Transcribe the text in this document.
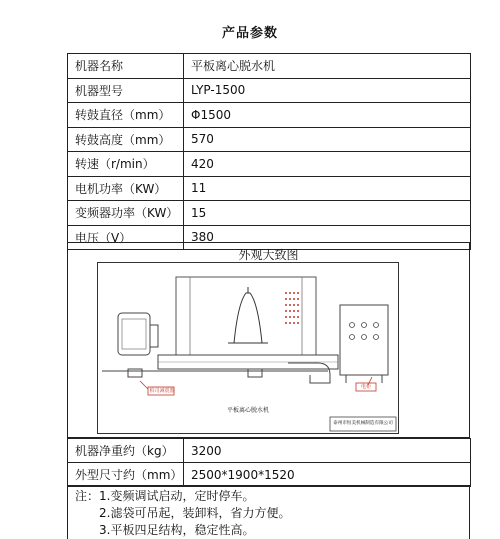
产品参数
机器名称	平板离心脱水机
机器型号	LYP-1500
转鼓直径（mm）	Φ1500
转鼓高度（mm）	570
转速（r/min）	420
电机功率（KW）	11
变频器功率（KW）	15
电压（V）	380
外观大致图
柏司减震器
电柜
平板离心脱水机
泰州市恒美机械制造有限公司
机器净重约（kg）	3200
外型尺寸约（mm）	2500*1900*1520
注：1.变频调试启动，定时停车。
2.滤袋可吊起，装卸料，省力方便。
3.平板四足结构，稳定性高。
